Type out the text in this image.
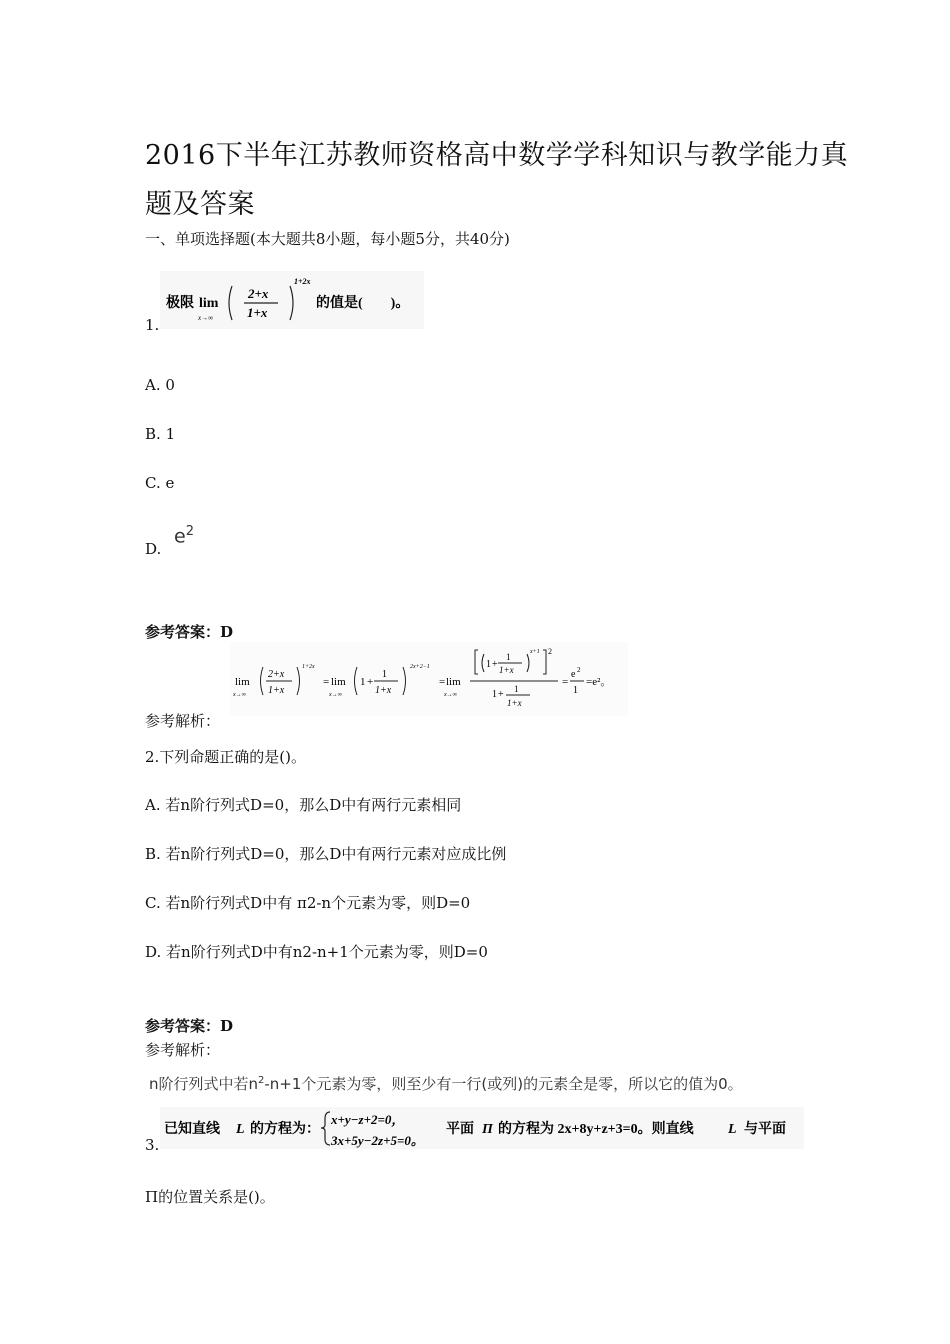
2016下半年江苏教师资格高中数学学科知识与教学能力真
题及答案
一、单项选择题(本大题共8小题，每小题5分，共40分)
1.
极限 lim
x→∞
2+x
1+x
1+2x
的值是(　　)。
A. 0
B. 1
C. e
D.
$e^2$
参考答案：D
lim
x→∞
2+x
1+x
1+2x
= lim
x→∞
1 +
1
1+x
2x+2−1
= lim
x→∞
1 +
1
1+x
x+1 2
1 + 1
1+x
=
e 2
1
=e²。
参考解析：
2.下列命题正确的是()。
A. 若n阶行列式D=0，那么D中有两行元素相同
B. 若n阶行列式D=0，那么D中有两行元素对应成比例
C. 若n阶行列式D中有 π2-n个元素为零，则D=0
D. 若n阶行列式D中有n2-n+1个元素为零，则D=0
参考答案：D
参考解析：
n阶行列式中若$n^2-n+1$个元素为零，则至少有一行(或列)的元素全是零，所以它的值为0。
3.
已知直线 L 的方程为：
x+y−z+2=0，
3x+5y−2z+5=0。
平面 Π 的方程为 2x+8y+z+3=0。则直线 L 与平面
Π的位置关系是()。
